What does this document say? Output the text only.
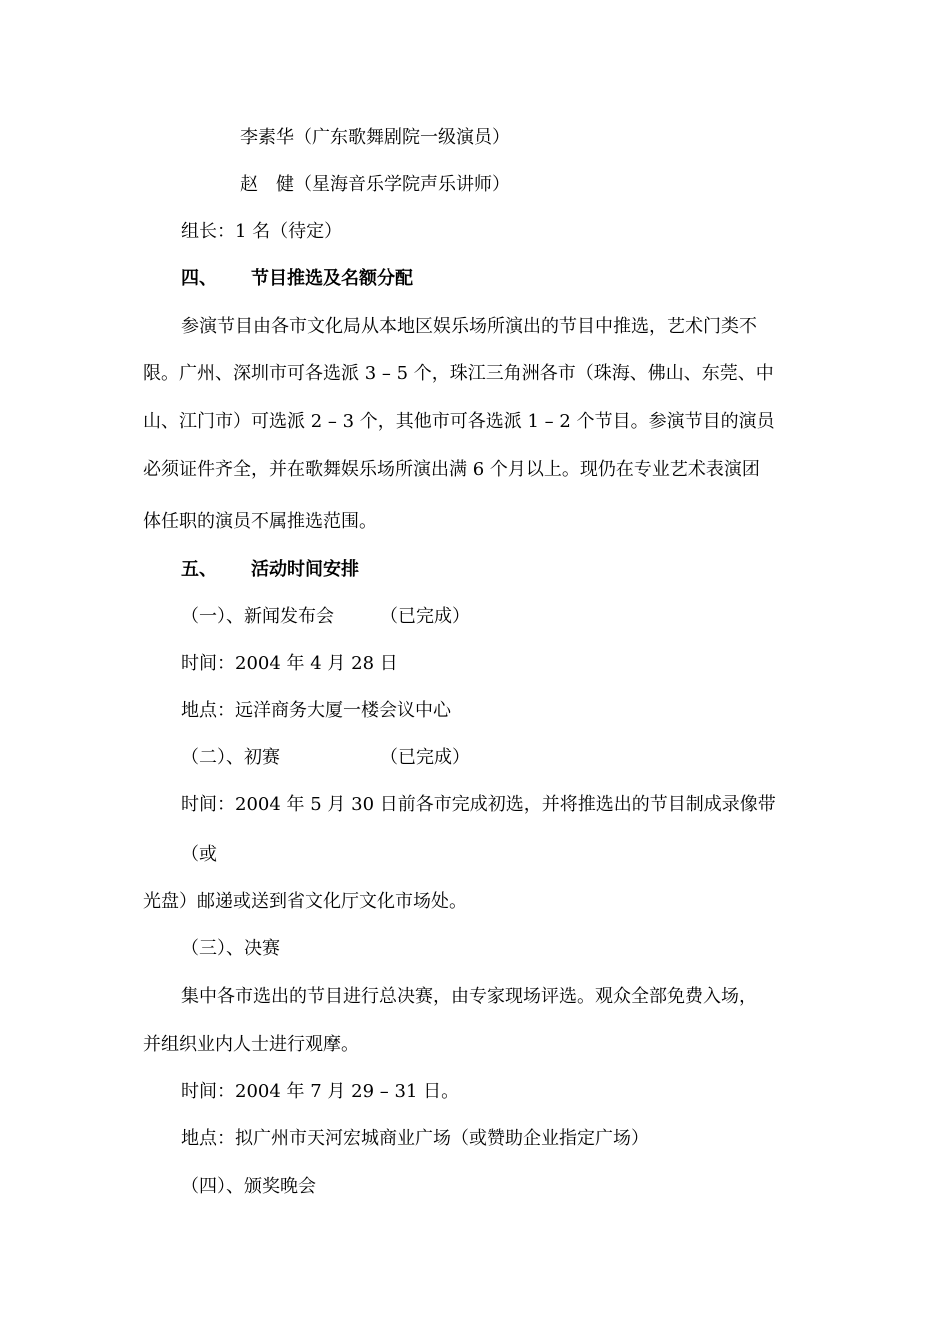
李素华（广东歌舞剧院一级演员）
赵　健（星海音乐学院声乐讲师）
组长：1 名（待定）
四、 节目推选及名额分配
参演节目由各市文化局从本地区娱乐场所演出的节目中推选，艺术门类不
限。广州、深圳市可各选派 3 – 5 个，珠江三角洲各市（珠海、佛山、东莞、中
山、江门市）可选派 2 – 3 个，其他市可各选派 1 – 2 个节目。参演节目的演员
必须证件齐全，并在歌舞娱乐场所演出满 6 个月以上。现仍在专业艺术表演团
体任职的演员不属推选范围。
五、 活动时间安排
（一）、新闻发布会	（已完成）
时间：2004 年 4 月 28 日
地点：远洋商务大厦一楼会议中心
（二）、初赛	（已完成）
时间：2004 年 5 月 30 日前各市完成初选，并将推选出的节目制成录像带
（或
光盘）邮递或送到省文化厅文化市场处。
（三）、决赛
集中各市选出的节目进行总决赛，由专家现场评选。观众全部免费入场，
并组织业内人士进行观摩。
时间：2004 年 7 月 29 – 31 日。
地点：拟广州市天河宏城商业广场（或赞助企业指定广场）
（四）、颁奖晚会
